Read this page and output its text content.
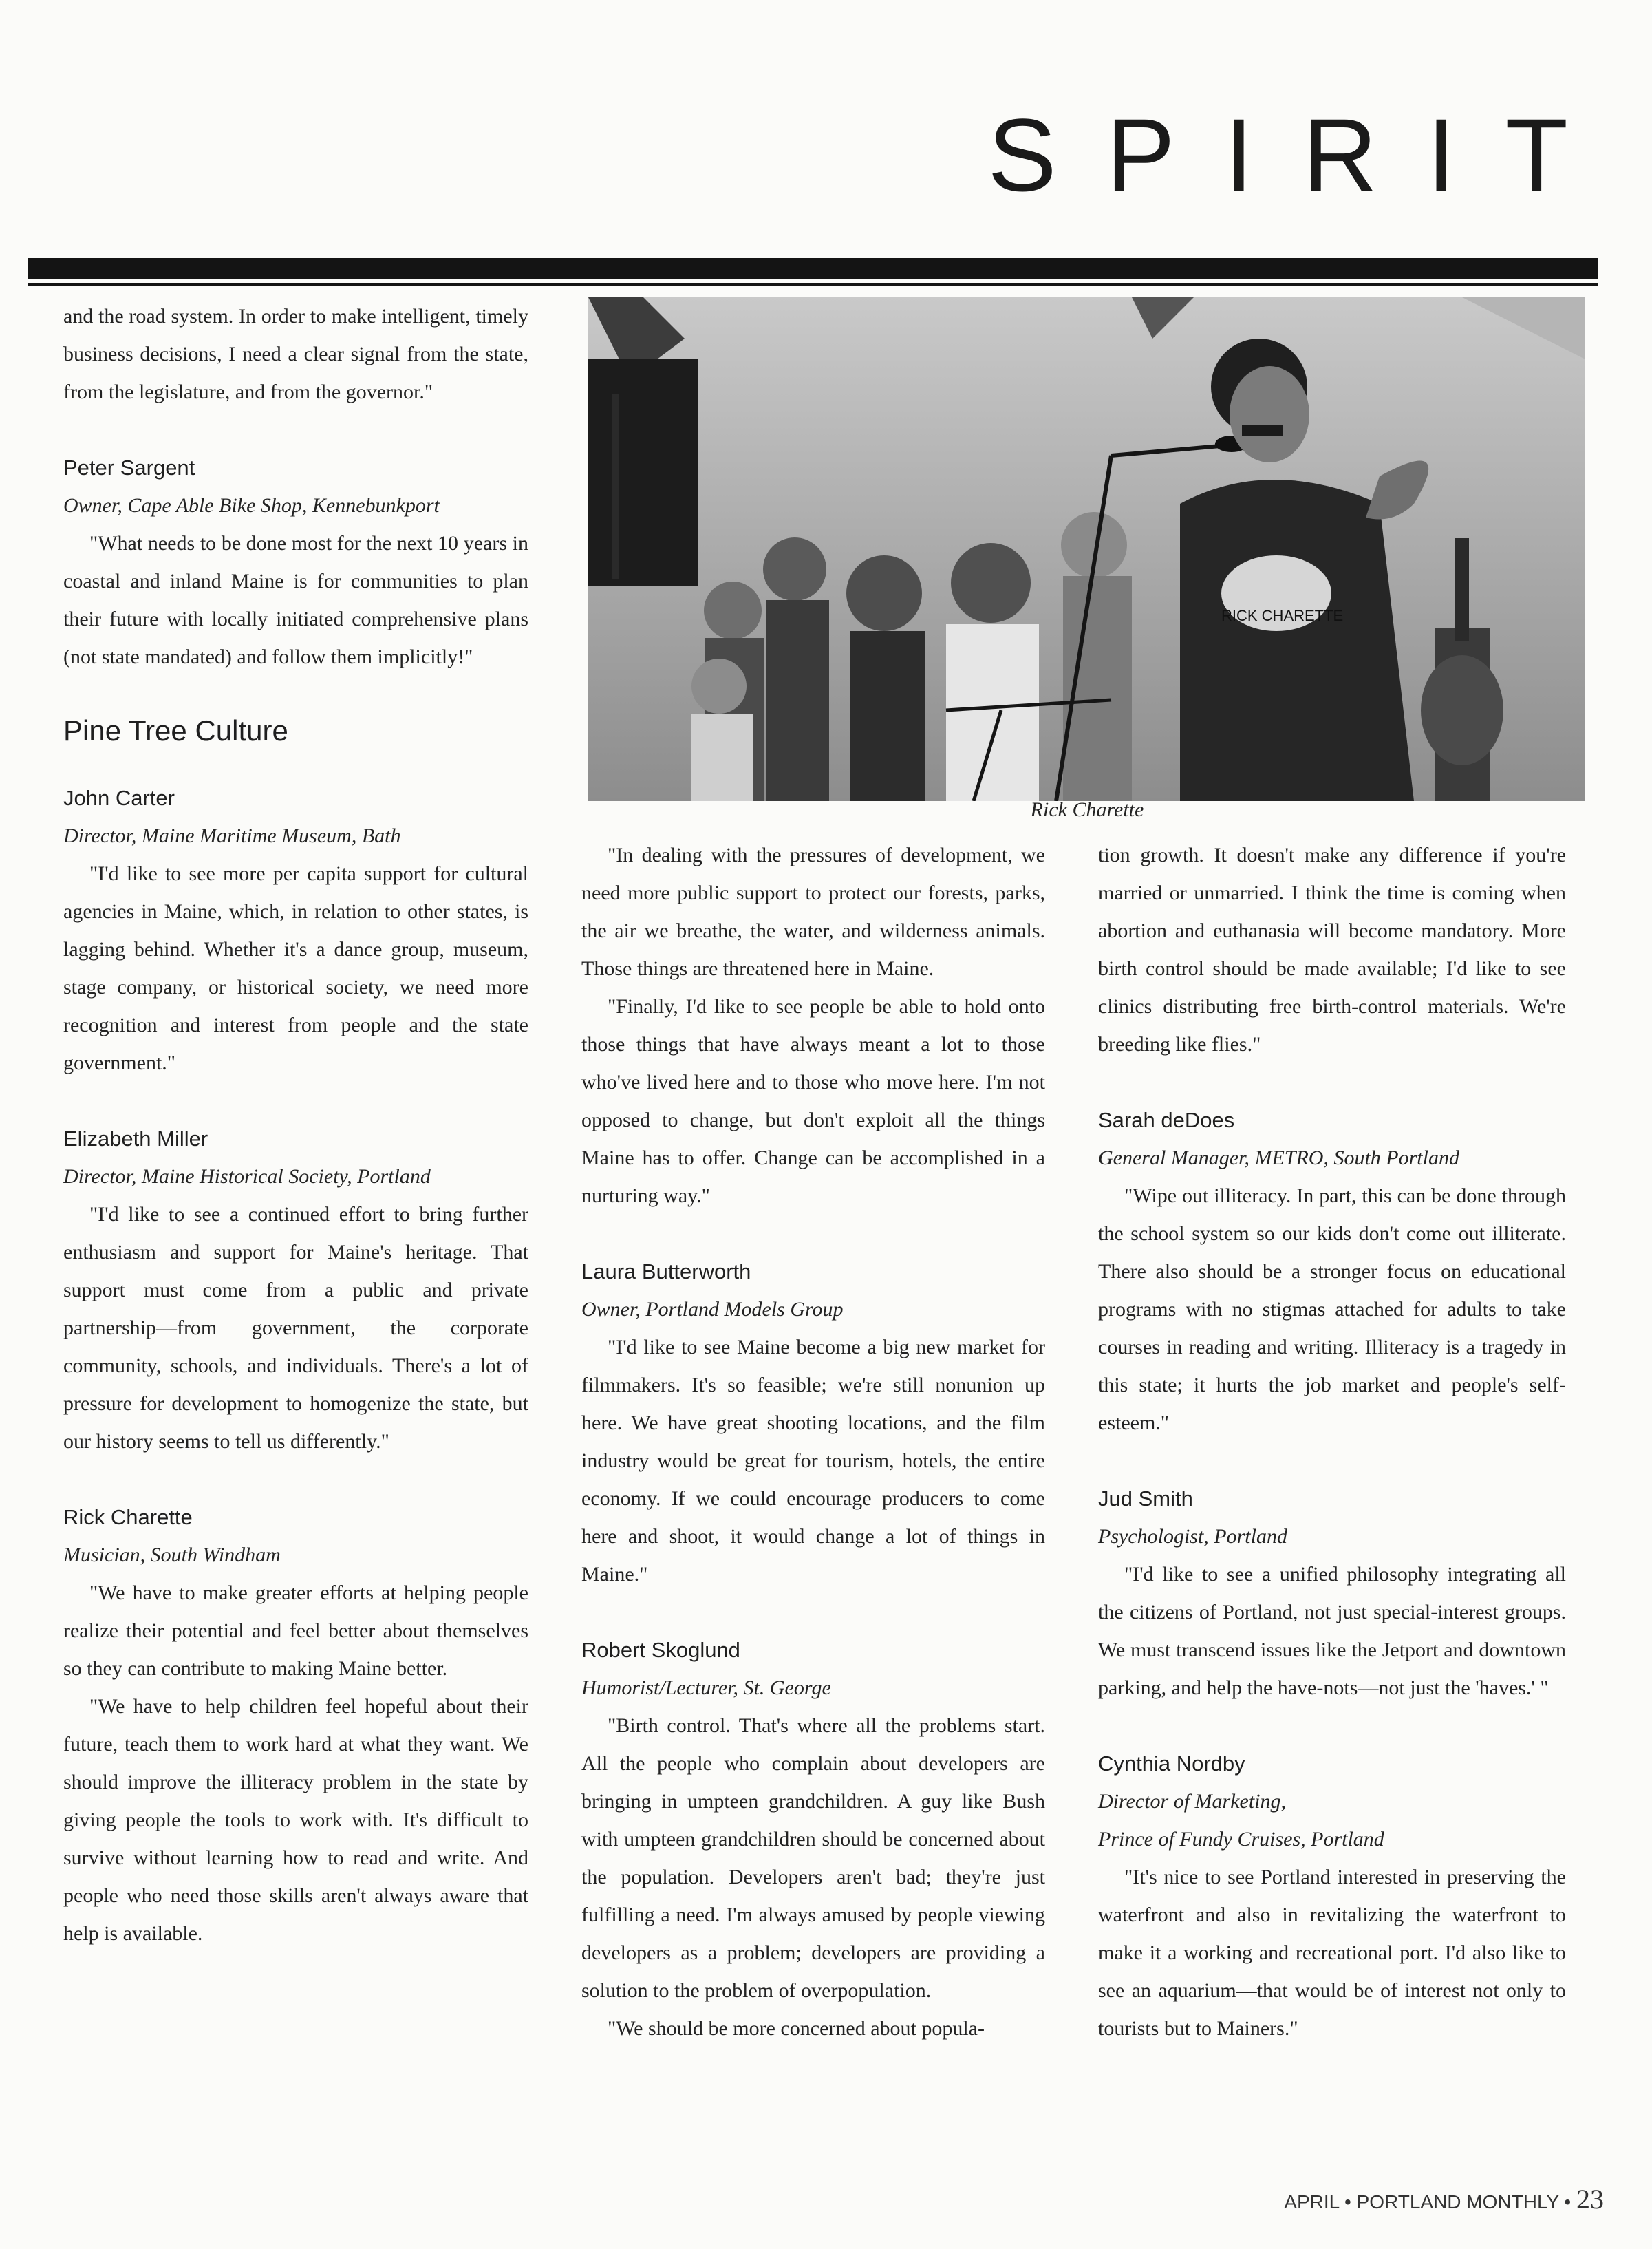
SPIRIT

and the road system. In order to make intelligent, timely business decisions, I need a clear signal from the state, from the legislature, and from the governor."

Peter Sargent
Owner, Cape Able Bike Shop, Kennebunkport

"What needs to be done most for the next 10 years in coastal and inland Maine is for communities to plan their future with locally initiated comprehensive plans (not state mandated) and follow them implicitly!"

Pine Tree Culture
John Carter
Director, Maine Maritime Museum, Bath

"I'd like to see more per capita support for cultural agencies in Maine, which, in relation to other states, is lagging behind. Whether it's a dance group, museum, stage company, or historical society, we need more recognition and interest from people and the state government."

Elizabeth Miller
Director, Maine Historical Society, Portland

"I'd like to see a continued effort to bring further enthusiasm and support for Maine's heritage. That support must come from a public and private partnership—from government, the corporate community, schools, and individuals. There's a lot of pressure for development to homogenize the state, but our history seems to tell us differently."

Rick Charette
Musician, South Windham

"We have to make greater efforts at helping people realize their potential and feel better about themselves so they can contribute to making Maine better.

"We have to help children feel hopeful about their future, teach them to work hard at what they want. We should improve the illiteracy problem in the state by giving people the tools to work with. It's difficult to survive without learning how to read and write. And people who need those skills aren't always aware that help is available.

RICK CHARETTE
Rick Charette

"In dealing with the pressures of development, we need more public support to protect our forests, parks, the air we breathe, the water, and wilderness animals. Those things are threatened here in Maine.

"Finally, I'd like to see people be able to hold onto those things that have always meant a lot to those who've lived here and to those who move here. I'm not opposed to change, but don't exploit all the things Maine has to offer. Change can be accomplished in a nurturing way."

Laura Butterworth
Owner, Portland Models Group

"I'd like to see Maine become a big new market for filmmakers. It's so feasible; we're still nonunion up here. We have great shooting locations, and the film industry would be great for tourism, hotels, the entire economy. If we could encourage producers to come here and shoot, it would change a lot of things in Maine."

Robert Skoglund
Humorist/Lecturer, St. George

"Birth control. That's where all the problems start. All the people who complain about developers are bringing in umpteen grandchildren. A guy like Bush with umpteen grandchildren should be concerned about the population. Developers aren't bad; they're just fulfilling a need. I'm always amused by people viewing developers as a problem; developers are providing a solution to the problem of overpopulation.

"We should be more concerned about popula-

tion growth. It doesn't make any difference if you're married or unmarried. I think the time is coming when abortion and euthanasia will become mandatory. More birth control should be made available; I'd like to see clinics distributing free birth-control materials. We're breeding like flies."

Sarah deDoes
General Manager, METRO, South Portland

"Wipe out illiteracy. In part, this can be done through the school system so our kids don't come out illiterate. There also should be a stronger focus on educational programs with no stigmas attached for adults to take courses in reading and writing. Illiteracy is a tragedy in this state; it hurts the job market and people's self-esteem."

Jud Smith
Psychologist, Portland

"I'd like to see a unified philosophy integrating all the citizens of Portland, not just special-interest groups. We must transcend issues like the Jetport and downtown parking, and help the have-nots—not just the 'haves.' "

Cynthia Nordby
Director of Marketing,
Prince of Fundy Cruises, Portland

"It's nice to see Portland interested in preserving the waterfront and also in revitalizing the waterfront to make it a working and recreational port. I'd also like to see an aquarium—that would be of interest not only to tourists but to Mainers."

APRIL • PORTLAND MONTHLY • 23
